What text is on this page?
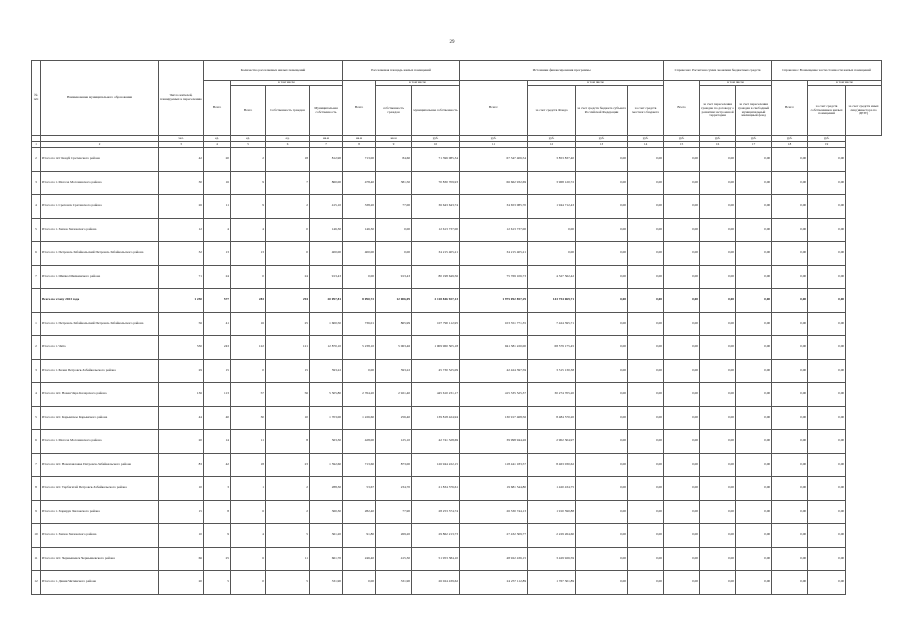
29
№ п/п	Наименование муниципального образования	Число жителей, планируемых к переселению	Количество расселяемых жилых помещений				Расселяемая площадь жилых помещений			Источники финансирования программы				Справочно: Расчетная сумма экономии бюджетных средств			Справочно: Возмещение части стоимости жилых помещений		
			Всего	в том числе			Всего	в том числе		Всего:	в том числе			Всего	в том числе		Всего:	в том числе	
				Всего	Собственность граждан	Муниципальная собственность		собственность граждан	муниципальная собственность		за счет средств Фонда	за счет средств бюджета субъекта Российской Федерации	за счет средств местного бюджета		за счет переселения граждан по договору о развитии застроенной территории	за счет переселения граждан в свободный муниципальный жилищный фонд		за счет средств собственников жилых помещений	за счет средств иных лиц (инвестора по ДРЗТ)
		чел.	ед.	ед.	ед.	кв.м	кв.м	кв.м	руб.	руб.	руб.	руб.	руб.	руб.	руб.	руб.	руб.	руб.	
1	2	3	4	5	6	7	8	9	10	11	12	13	14	15	16	17	18	19	
2	Итого по пгт Кокуй Сретенского района	42	20	2	18	812,90	713,00	84,60	71 396 085,34	67 347 406,54	3 853 837,40	0,00	0,00	0,00	0,00	0,00	0,00	0,00	
3	Итого по г. Могоча Могочинского района	30	16	9	7	860,00	478,40	381,50	70 830 709,93	66 662 932,69	3 968 120,72	0,00	0,00	0,00	0,00	0,00	0,00	0,00	
4	Итого по г. Сретенск Сретенского района	26	11	9	2	415,10	338,20	77,00	36 643 643,74	34 653 085,70	1 944 712,43	0,00	0,00	0,00	0,00	0,00	0,00	0,00	
5	Итого по г. Хилок Хилокского района	12	4	4	0	146,30	146,30	0,00	12 613 737,00	12 613 737,00	0,00	0,00	0,00	0,00	0,00	0,00	0,00	0,00	
6	Итого по г. Петровск-Забайкальский Петровск-Забайкальского района	32	13	13	0	400,00	400,00	0,00	34 215 405,21	34 215 405,21	0,00	0,00	0,00	0,00	0,00	0,00	0,00	0,00	
7	Итого по г. Шилка Шилкинского района	71	24	0	24	913,43	0,00	913,43	80 198 649,56	75 769 106,73	4 327 562,42	0,00	0,00	0,00	0,00	0,00	0,00	0,00	
	Всего по этапу 2023 года	1 250	577	283	294	20 097,81	8 090,72	12 006,09	2 118 846 927,13	1 975 092 857,29	143 754 069,71	0,00	0,00	0,00	0,00	0,00	0,00	0,00	
1	Итого по г. Петровск-Забайкальский Петровск-Забайкальского района	56	41	16	25	1 600,50	736,01	865,99	107 790 112,95	103 351 771,35	7 424 395,71	0,00	0,00	0,00	0,00	0,00	0,00	0,00	
2	Итого по г. Чита	530	243	122	121	12 870,10	5 238,10	5 063,46	1 009 960 505,18	941 381 220,00	68 579 175,45	0,00	0,00	0,00	0,00	0,00	0,00	0,00	
3	Итого по г. Балеи Петровск-Забайкальского района	29	15	0	15	593,22	0,00	593,22	45 730 525,09	42 424 397,59	3 315 130,38	0,00	0,00	0,00	0,00	0,00	0,00	0,00	
4	Итого по пгт. Новая Чара Каларского района	136	113	57	56	5 505,80	2 764,20	2 921,40	445 610 231,17	415 335 525,37	30 274 705,20	0,00	0,00	0,00	0,00	0,00	0,00	0,00	
5	Итого по пгт. Карымское Карымского района	44	40	30	10	1 703,00	1 226,60	256,40	139 818 424,94	130 917 468,56	8 484 570,20	0,00	0,00	0,00	0,00	0,00	0,00	0,00	
6	Итого по г. Могоча Могочинского района	20	14	11	8	563,30	428,00	125,10	42 741 328,69	39 998 944,26	2 902 304,97	0,00	0,00	0,00	0,00	0,00	0,00	0,00	
7	Итого по пгт. Новопавловка Петровск-Забайкальского района	83	42	18	23	1 592,60	713,60	873,00	126 944 222,15	118 441 183,57	8 463 030,62	0,00	0,00	0,00	0,00	0,00	0,00	0,00	
8	Итого по пгт. Тарбагатай Петровск-Забайкальского района	10	3	1	2	288,30	53,67	234,70	21 834 376,61	19 681 544,80	1 420 434,75	0,00	0,00	0,00	0,00	0,00	0,00	0,00	
9	Итого по г. Харирун Хилокского района	15	8	6	2	360,30	282,40	77,90	28 253 374,74	26 330 744,13	1 910 590,88	0,00	0,00	0,00	0,00	0,00	0,00	0,00	
10	Итого по г. Хилок Хилокского района	10	9	4	5	361,20	91,80	269,20	29 862 213,73	27 432 309,77	2 229 264,60	0,00	0,00	0,00	0,00	0,00	0,00	0,00	
11	Итого по пгт. Чернышевск Чернышевского района	66	25	6	11	661,70	246,40	415,30	51 953 384,10	48 922 436,15	3 429 926,59	0,00	0,00	0,00	0,00	0,00	0,00	0,00	
12	Итого по г. Дания Читинского района	20	5	0	5	331,90	0,00	331,90	26 024 439,62	24 257 112,89	1 767 301,89	0,00	0,00	0,00	0,00	0,00	0,00	0,00	
